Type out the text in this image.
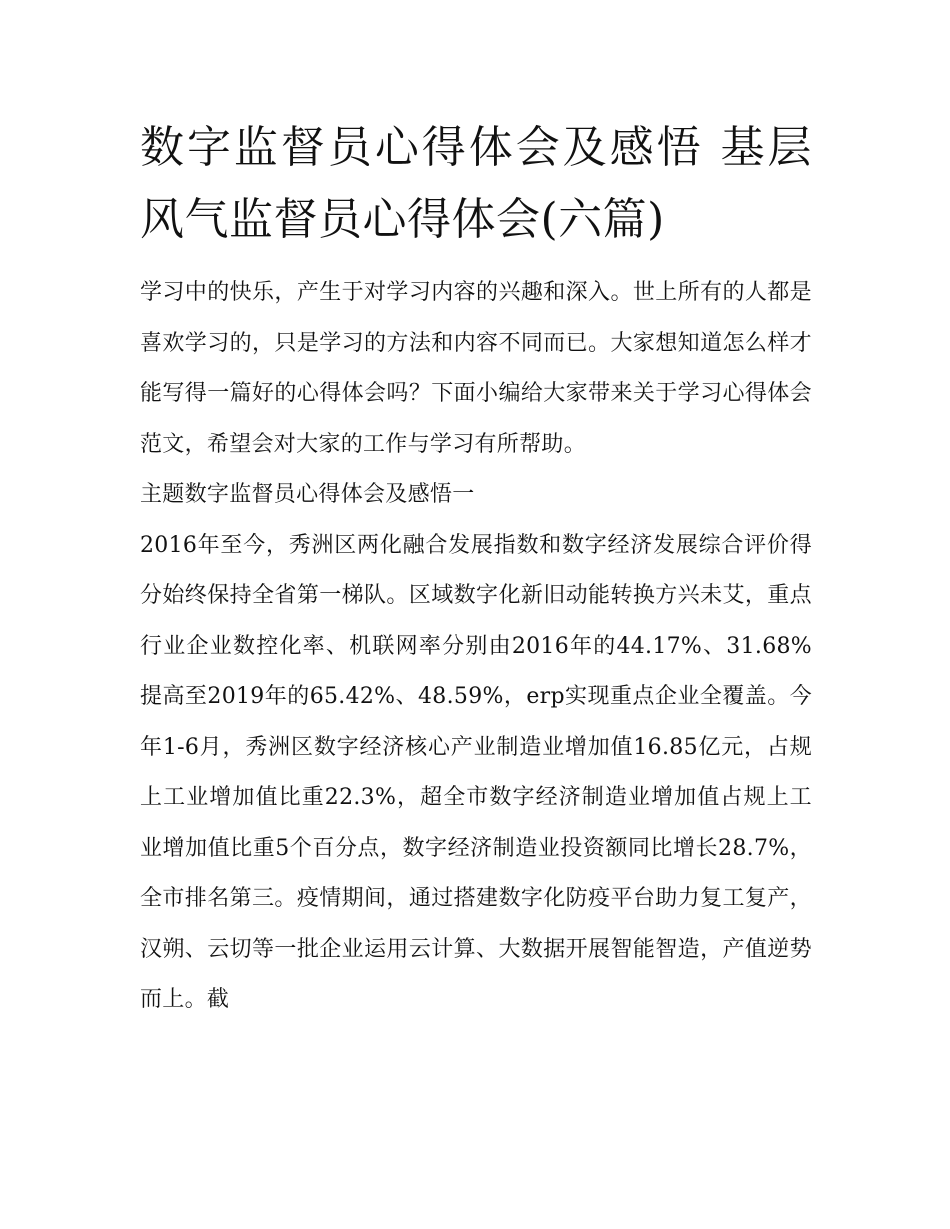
数字监督员心得体会及感悟 基层风气监督员心得体会(六篇)

学习中的快乐，产生于对学习内容的兴趣和深入。世上所有的人都是喜欢学习的，只是学习的方法和内容不同而已。大家想知道怎么样才能写得一篇好的心得体会吗？下面小编给大家带来关于学习心得体会范文，希望会对大家的工作与学习有所帮助。

主题数字监督员心得体会及感悟一

2016年至今，秀洲区两化融合发展指数和数字经济发展综合评价得分始终保持全省第一梯队。区域数字化新旧动能转换方兴未艾，重点行业企业数控化率、机联网率分别由2016年的44.17%、31.68%提高至2019年的65.42%、48.59%，erp实现重点企业全覆盖。今年1-6月，秀洲区数字经济核心产业制造业增加值16.85亿元，占规上工业增加值比重22.3%，超全市数字经济制造业增加值占规上工业增加值比重5个百分点，数字经济制造业投资额同比增长28.7%，全市排名第三。疫情期间，通过搭建数字化防疫平台助力复工复产，汉朔、云切等一批企业运用云计算、大数据开展智能智造，产值逆势而上。截
